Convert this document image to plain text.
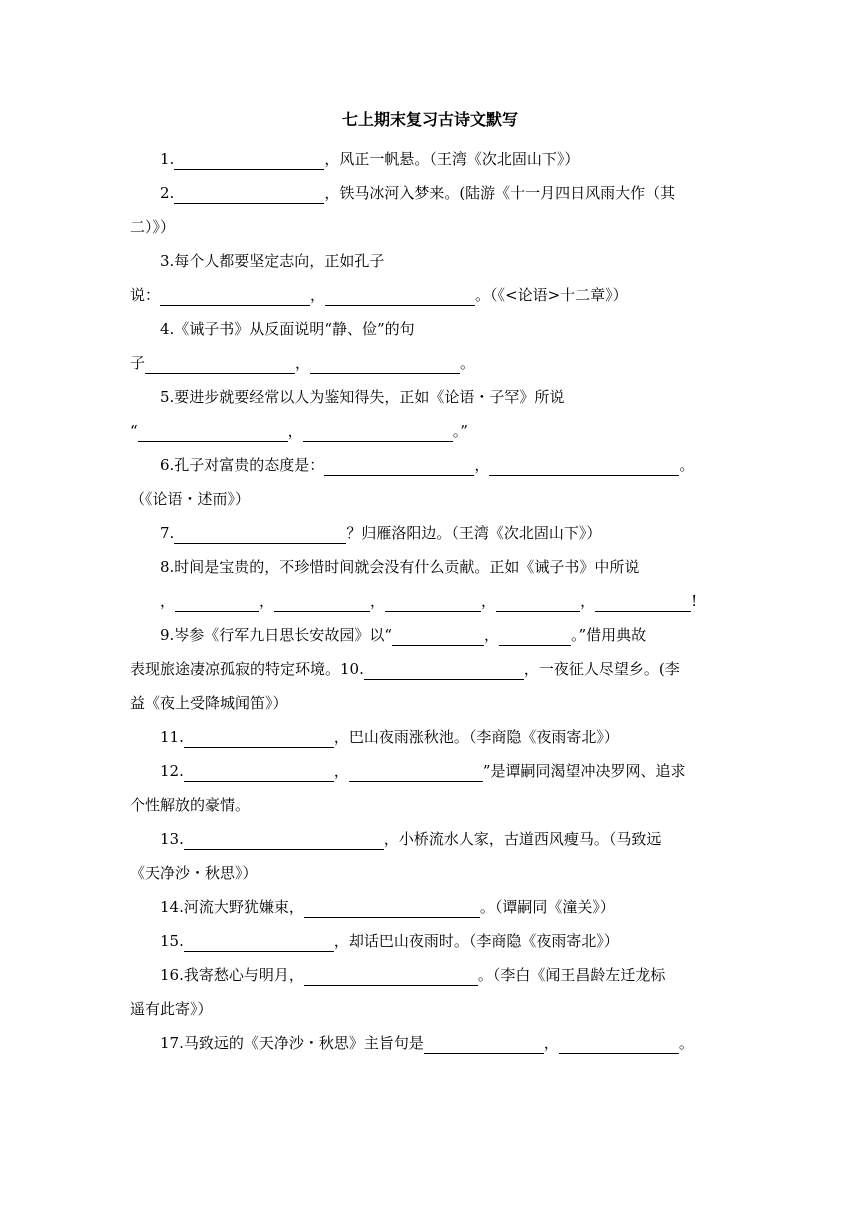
七上期末复习古诗文默写
1.	，风正一帆悬。（王湾《次北固山下》）
2.	，铁马冰河入梦来。(陆游《十一月四日风雨大作（其
二）》）
3.每个人都要坚定志向，正如孔子
说：	，	。（《<论语>十二章》）
4.《诫子书》从反面说明“静、俭”的句
子	，	。
5.要进步就要经常以人为鉴知得失，正如《论语・子罕》所说
“	，	。”
6.孔子对富贵的态度是：	，	。
（《论语・述而》）
7.	？归雁洛阳边。（王湾《次北固山下》）
8.时间是宝贵的，不珍惜时间就会没有什么贡献。正如《诫子书》中所说
，	，	，	，	，	!
9.岑参《行军九日思长安故园》以“	，	。”借用典故
表现旅途凄凉孤寂的特定环境。10.	，一夜征人尽望乡。(李
益《夜上受降城闻笛》）
11.	，巴山夜雨涨秋池。（李商隐《夜雨寄北》）
12.	，	”是谭嗣同渴望冲决罗网、追求
个性解放的豪情。
13.	，小桥流水人家，古道西风瘦马。（马致远
《天净沙・秋思》）
14.河流大野犹嫌束，	。（谭嗣同《潼关》）
15.	，却话巴山夜雨时。（李商隐《夜雨寄北》）
16.我寄愁心与明月，	。（李白《闻王昌龄左迁龙标
遥有此寄》）
17.马致远的《天净沙・秋思》主旨句是	，	。
